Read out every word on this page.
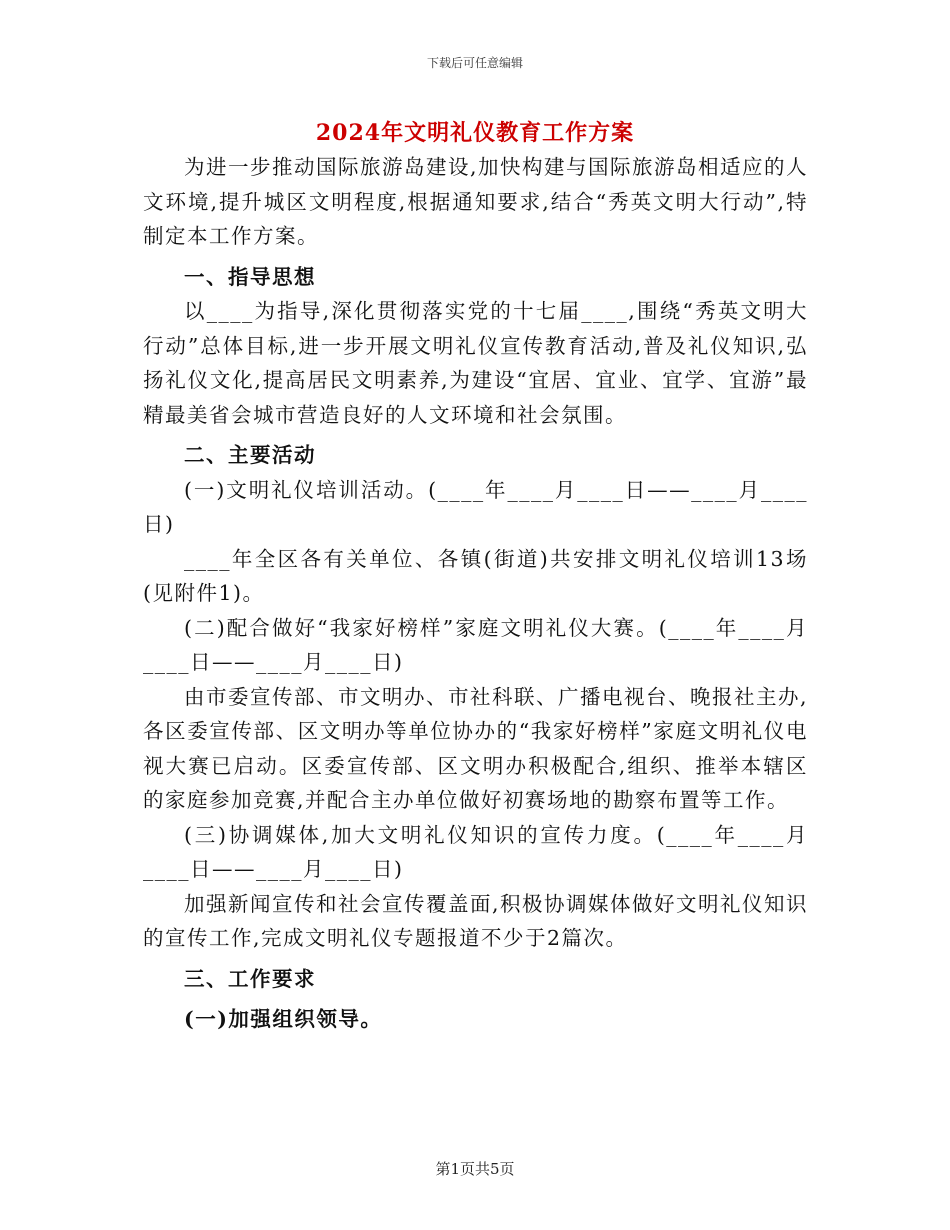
下载后可任意编辑
2024年文明礼仪教育工作方案

为进一步推动国际旅游岛建设,加快构建与国际旅游岛相适应的人文环境,提升城区文明程度,根据通知要求,结合“秀英文明大行动”,特制定本工作方案。

一、指导思想

以____为指导,深化贯彻落实党的十七届____,围绕“秀英文明大行动”总体目标,进一步开展文明礼仪宣传教育活动,普及礼仪知识,弘扬礼仪文化,提高居民文明素养,为建设“宜居、宜业、宜学、宜游”最精最美省会城市营造良好的人文环境和社会氛围。

二、主要活动

(一)文明礼仪培训活动。(____年____月____日——____月____日)

____年全区各有关单位、各镇(街道)共安排文明礼仪培训13场(见附件1)。

(二)配合做好“我家好榜样”家庭文明礼仪大赛。(____年____月____日——____月____日)

由市委宣传部、市文明办、市社科联、广播电视台、晚报社主办,各区委宣传部、区文明办等单位协办的“我家好榜样”家庭文明礼仪电视大赛已启动。区委宣传部、区文明办积极配合,组织、推举本辖区的家庭参加竞赛,并配合主办单位做好初赛场地的勘察布置等工作。

(三)协调媒体,加大文明礼仪知识的宣传力度。(____年____月____日——____月____日)

加强新闻宣传和社会宣传覆盖面,积极协调媒体做好文明礼仪知识的宣传工作,完成文明礼仪专题报道不少于2篇次。

三、工作要求

(一)加强组织领导。

第1页共5页
